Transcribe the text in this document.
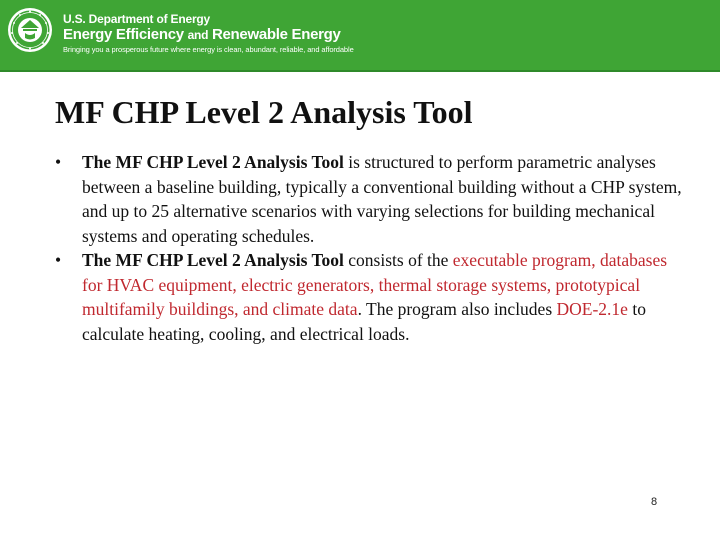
U.S. Department of Energy
Energy Efficiency and Renewable Energy
Bringing you a prosperous future where energy is clean, abundant, reliable, and affordable
MF CHP Level 2 Analysis Tool
• The MF CHP Level 2 Analysis Tool is structured to perform parametric analyses between a baseline building, typically a conventional building without a CHP system, and up to 25 alternative scenarios with varying selections for building mechanical systems and operating schedules.
• The MF CHP Level 2 Analysis Tool consists of the executable program, databases for HVAC equipment, electric generators, thermal storage systems, prototypical multifamily buildings, and climate data. The program also includes DOE-2.1e to calculate heating, cooling, and electrical loads.
8
